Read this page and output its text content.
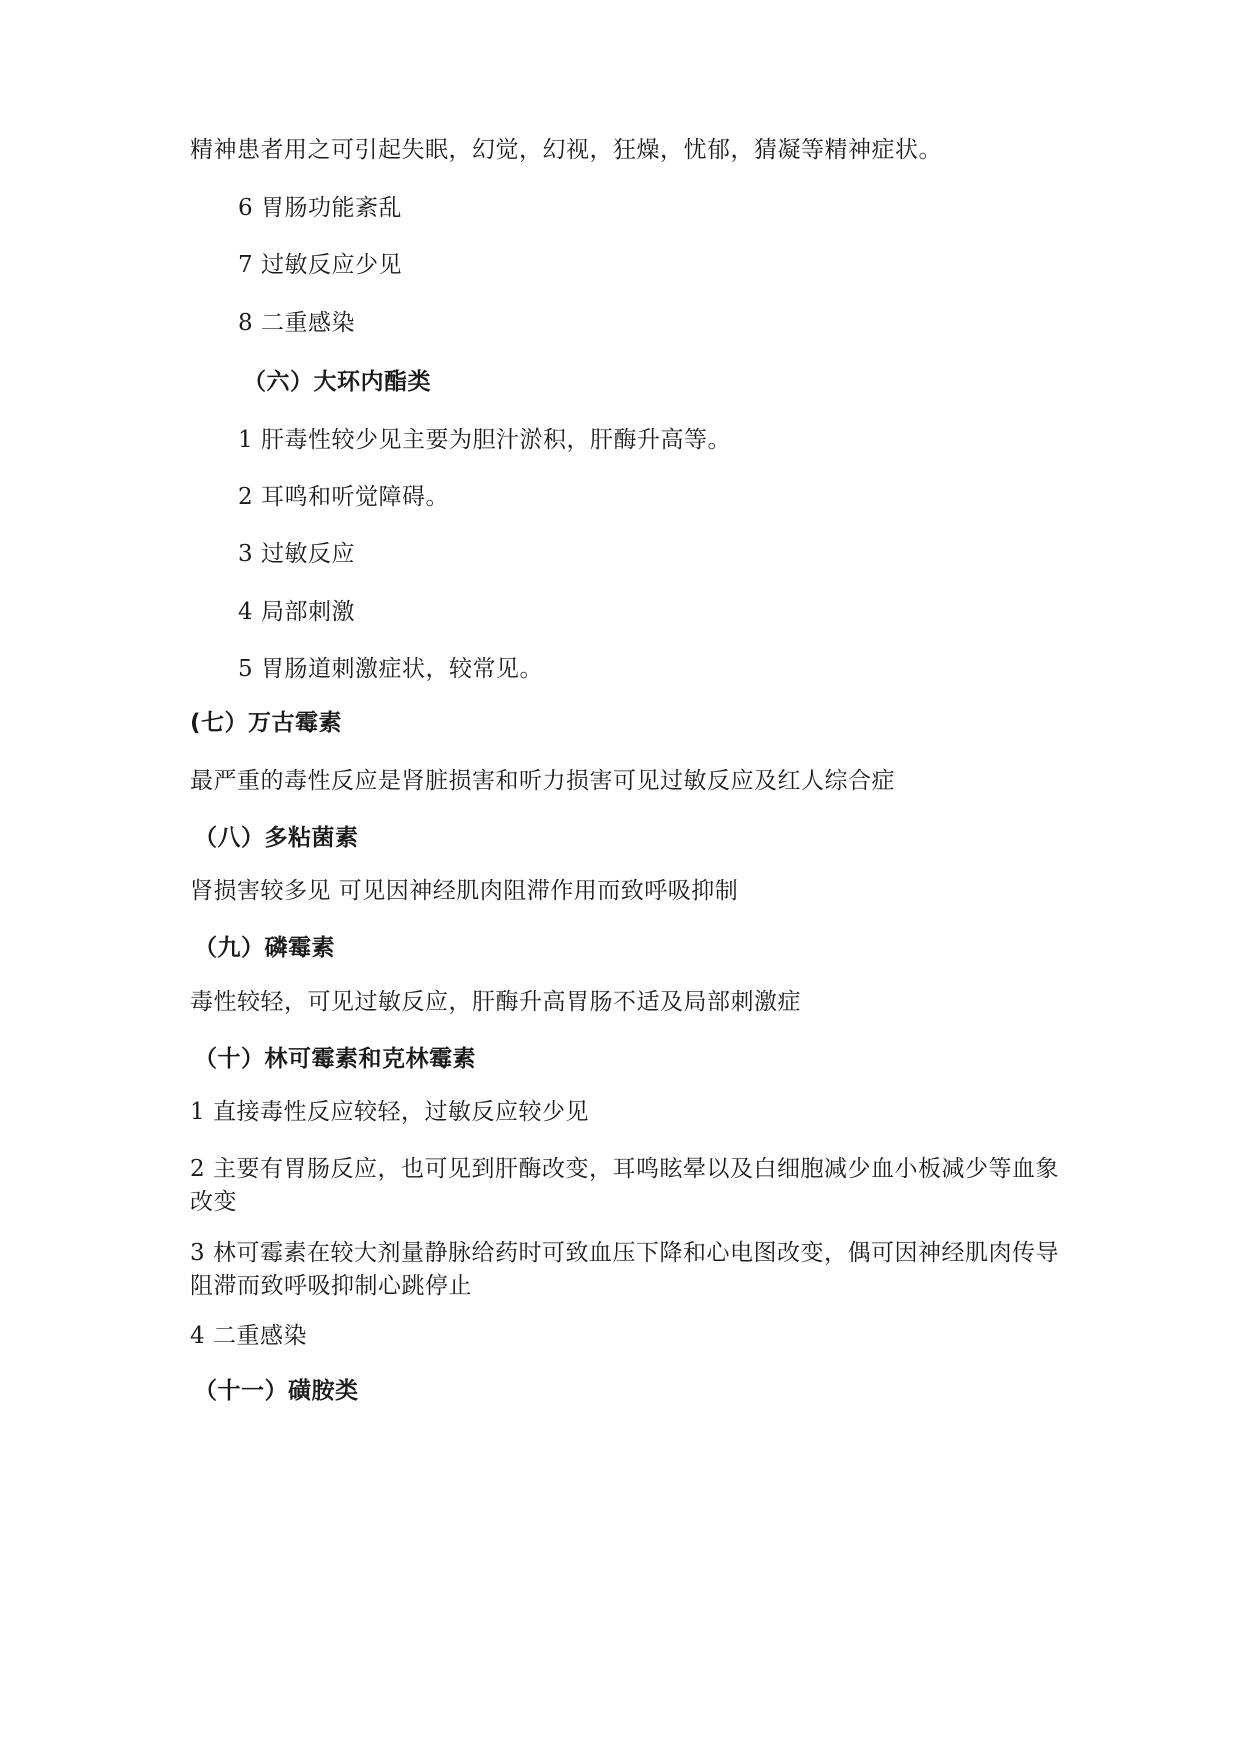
精神患者用之可引起失眠，幻觉，幻视，狂燥，忧郁，猜凝等精神症状。
6 胃肠功能紊乱
7 过敏反应少见
8 二重感染
（六）大环内酯类
1 肝毒性较少见主要为胆汁淤积，肝酶升高等。
2 耳鸣和听觉障碍。
3 过敏反应
4 局部刺激
5 胃肠道刺激症状，较常见。
(七）万古霉素
最严重的毒性反应是肾脏损害和听力损害可见过敏反应及红人综合症
（八）多粘菌素
肾损害较多见 可见因神经肌肉阻滞作用而致呼吸抑制
（九）磷霉素
毒性较轻，可见过敏反应，肝酶升高胃肠不适及局部刺激症
（十）林可霉素和克林霉素
1 直接毒性反应较轻，过敏反应较少见
2 主要有胃肠反应，也可见到肝酶改变，耳鸣眩晕以及白细胞减少血小板减少等血象改变
3 林可霉素在较大剂量静脉给药时可致血压下降和心电图改变，偶可因神经肌肉传导阻滞而致呼吸抑制心跳停止
4 二重感染
（十一）磺胺类
